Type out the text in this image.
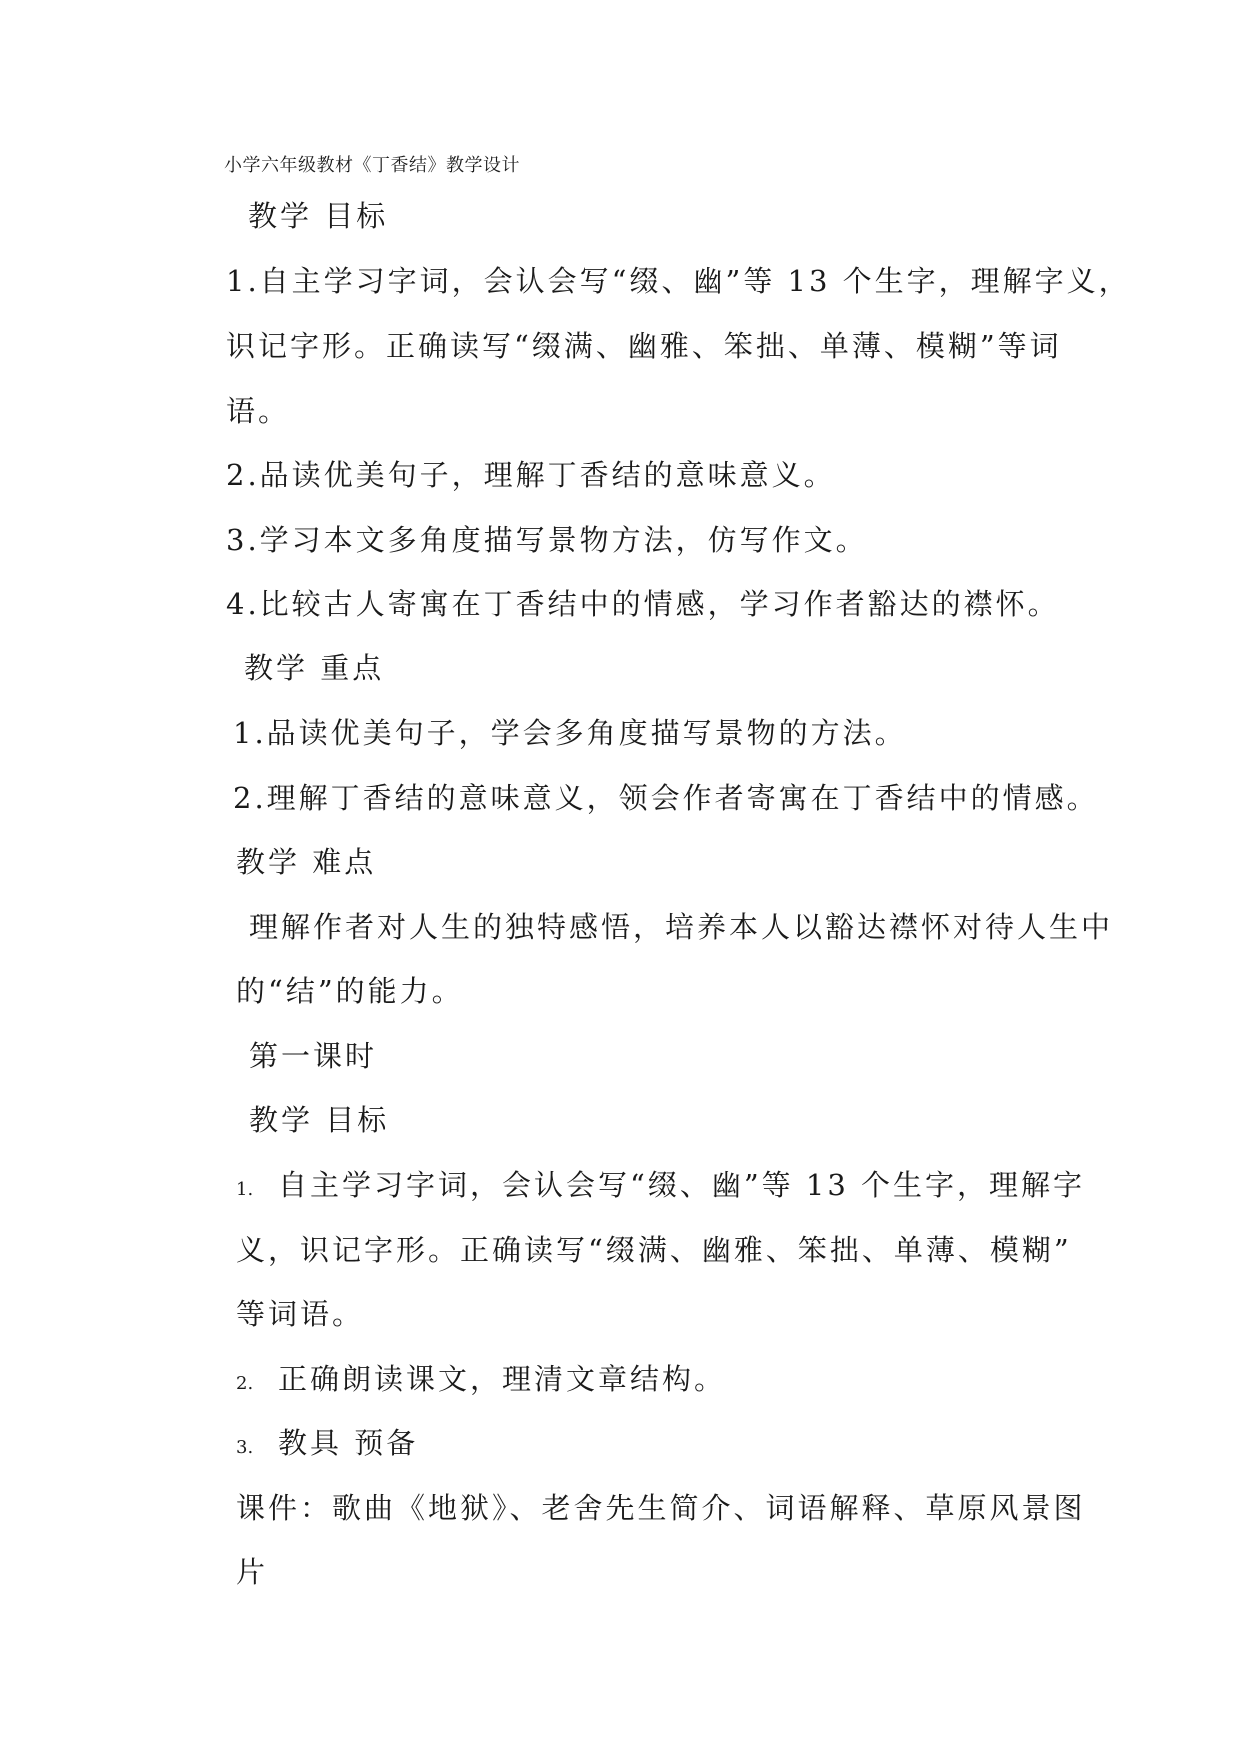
小学六年级教材《丁香结》教学设计
教学 目标
1.自主学习字词，会认会写“缀、幽”等 13 个生字，理解字义，
识记字形。正确读写“缀满、幽雅、笨拙、单薄、模糊”等词
语。
2.品读优美句子，理解丁香结的意味意义。
3.学习本文多角度描写景物方法，仿写作文。
4.比较古人寄寓在丁香结中的情感，学习作者豁达的襟怀。
教学 重点
1.品读优美句子，学会多角度描写景物的方法。
2.理解丁香结的意味意义，领会作者寄寓在丁香结中的情感。
教学 难点
理解作者对人生的独特感悟，培养本人以豁达襟怀对待人生中
的“结”的能力。
第一课时
教学 目标
1. 自主学习字词，会认会写“缀、幽”等 13 个生字，理解字
义，识记字形。正确读写“缀满、幽雅、笨拙、单薄、模糊”
等词语。
2. 正确朗读课文，理清文章结构。
3. 教具 预备
课件：歌曲《地狱》、老舍先生简介、词语解释、草原风景图
片
